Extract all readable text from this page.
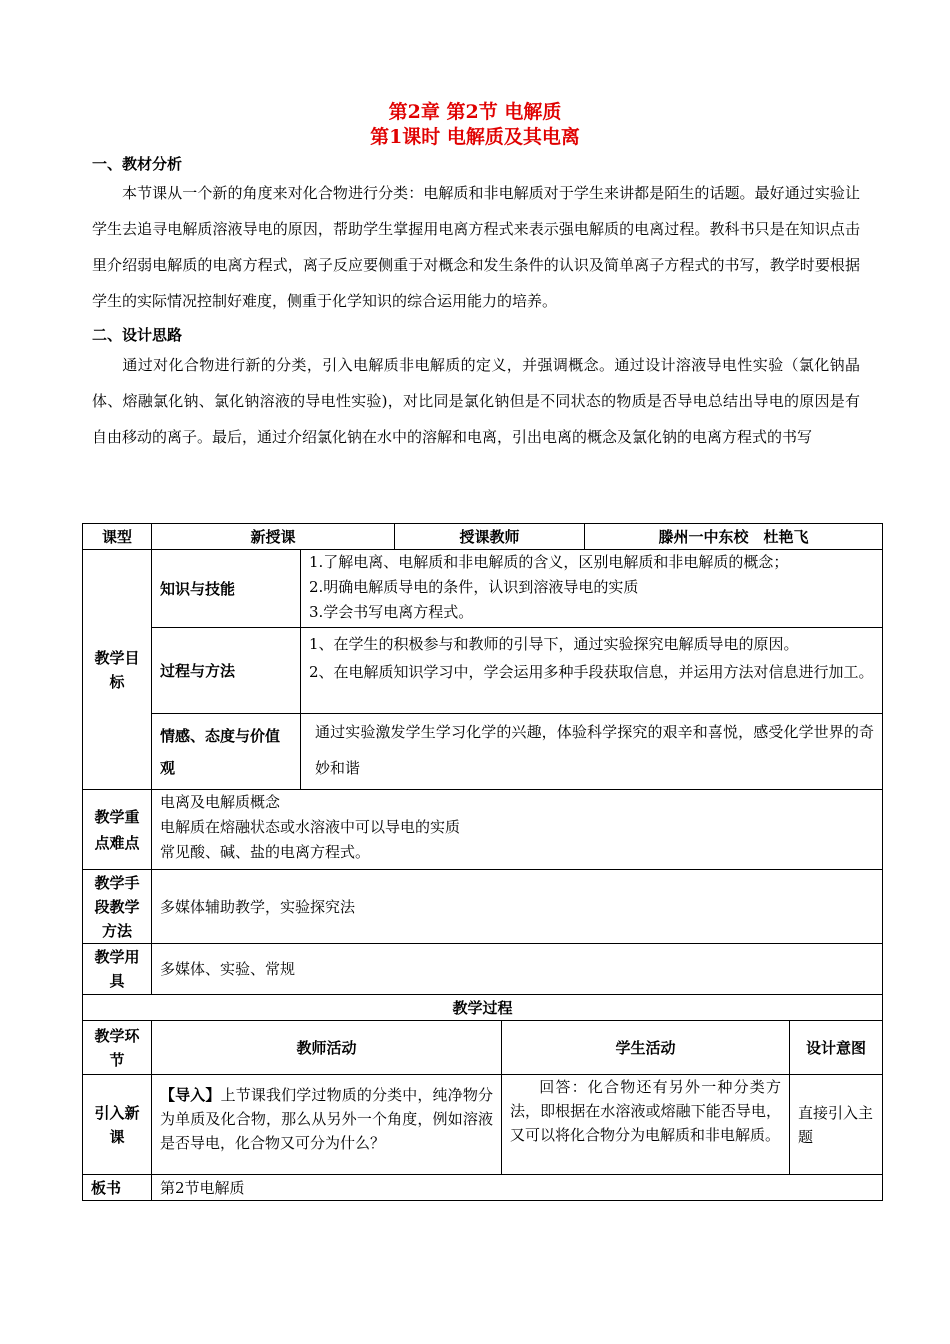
第2章 第2节 电解质
第1课时 电解质及其电离
一、教材分析

本节课从一个新的角度来对化合物进行分类：电解质和非电解质对于学生来讲都是陌生的话题。最好通过实验让学生去追寻电解质溶液导电的原因，帮助学生掌握用电离方程式来表示强电解质的电离过程。教科书只是在知识点击里介绍弱电解质的电离方程式，离子反应要侧重于对概念和发生条件的认识及简单离子方程式的书写，教学时要根据学生的实际情况控制好难度，侧重于化学知识的综合运用能力的培养。

二、设计思路

通过对化合物进行新的分类，引入电解质非电解质的定义，并强调概念。通过设计溶液导电性实验（氯化钠晶体、熔融氯化钠、氯化钠溶液的导电性实验)，对比同是氯化钠但是不同状态的物质是否导电总结出导电的原因是有自由移动的离子。最后，通过介绍氯化钠在水中的溶解和电离，引出电离的概念及氯化钠的电离方程式的书写

课型	新授课		授课教师		滕州一中东校　杜艳飞	
教学目标	知识与技能	1.了解电离、电解质和非电解质的含义，区别电解质和非电解质的概念；
2.明确电解质导电的条件，认识到溶液导电的实质
3.学会书写电离方程式。				

	过程与方法	1、在学生的积极参与和教师的引导下，通过实验探究电解质导电的原因。
2、在电解质知识学习中，学会运用多种手段获取信息，并运用方法对信息进行加工。				

	情感、态度与价值观	通过实验激发学生学习化学的兴趣，体验科学探究的艰辛和喜悦，感受化学世界的奇妙和谐				
教学重点难点	电离及电解质概念
电解质在熔融状态或水溶液中可以导电的实质
常见酸、碱、盐的电离方程式。					

教学手段教学方法	多媒体辅助教学，实验探究法					
教学用具	多媒体、实验、常规					
教学过程						
教学环节	教师活动			学生活动		设计意图
引入新课	【导入】上节课我们学过物质的分类中，纯净物分为单质及化合物，那么从另外一个角度，例如溶液是否导电，化合物又可分为什么？			回答：化合物还有另外一种分类方法，即根据在水溶液或熔融下能否导电，又可以将化合物分为电解质和非电解质。		直接引入主题
板书	第2节电解质					
